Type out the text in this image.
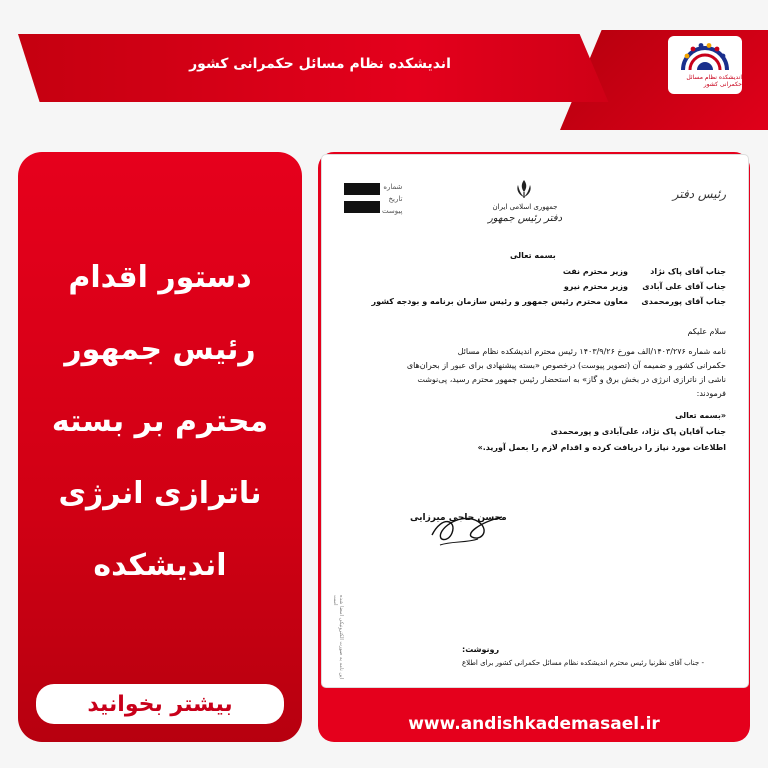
اندیشکده نظام مسائل حکمرانی کشور
اندیشکده نظام مسائل حکمرانی کشور
دستور اقدام
رئیس جمهور
محترم بر بسته
ناترازی انرژی
اندیشکده
بیشتر بخوانید
شماره
تاریخ
پیوست	جمهوری اسلامی ایران
دفتر رئیس جمهور
رئیس دفتر
بسمه تعالی
جناب آقای پاک نژاد
وزیر محترم نفت
جناب آقای علی آبادی
وزیر محترم نیرو
جناب آقای پورمحمدی
معاون محترم رئیس جمهور و رئیس سازمان برنامه و بودجه کشور
سلام علیکم
نامه شماره ۱۴۰۳/۲۷۶/الف مورخ ۱۴۰۳/۹/۲۶ رئیس محترم اندیشکده نظام مسائل
حکمرانی کشور و ضمیمه آن (تصویر پیوست) درخصوص «بسته پیشنهادی برای عبور از بحران‌های
ناشی از ناترازی انرژی در بخش برق و گاز» به استحضار رئیس جمهور محترم رسید، پی‌نوشت
فرمودند:
«بسمه تعالی
جناب آقایان پاک نژاد، علی‌آبادی و پورمحمدی
اطلاعات مورد نیاز را دریافت کرده و اقدام لازم را بعمل آورید.»
محسن حاجی میرزایی
رونوشت:
- جناب آقای نظرنیا رئیس محترم اندیشکده نظام مسائل حکمرانی کشور برای اطلاع
این نامه به صورت الکترونیکی امضا شده است
www.andishkademasael.ir
